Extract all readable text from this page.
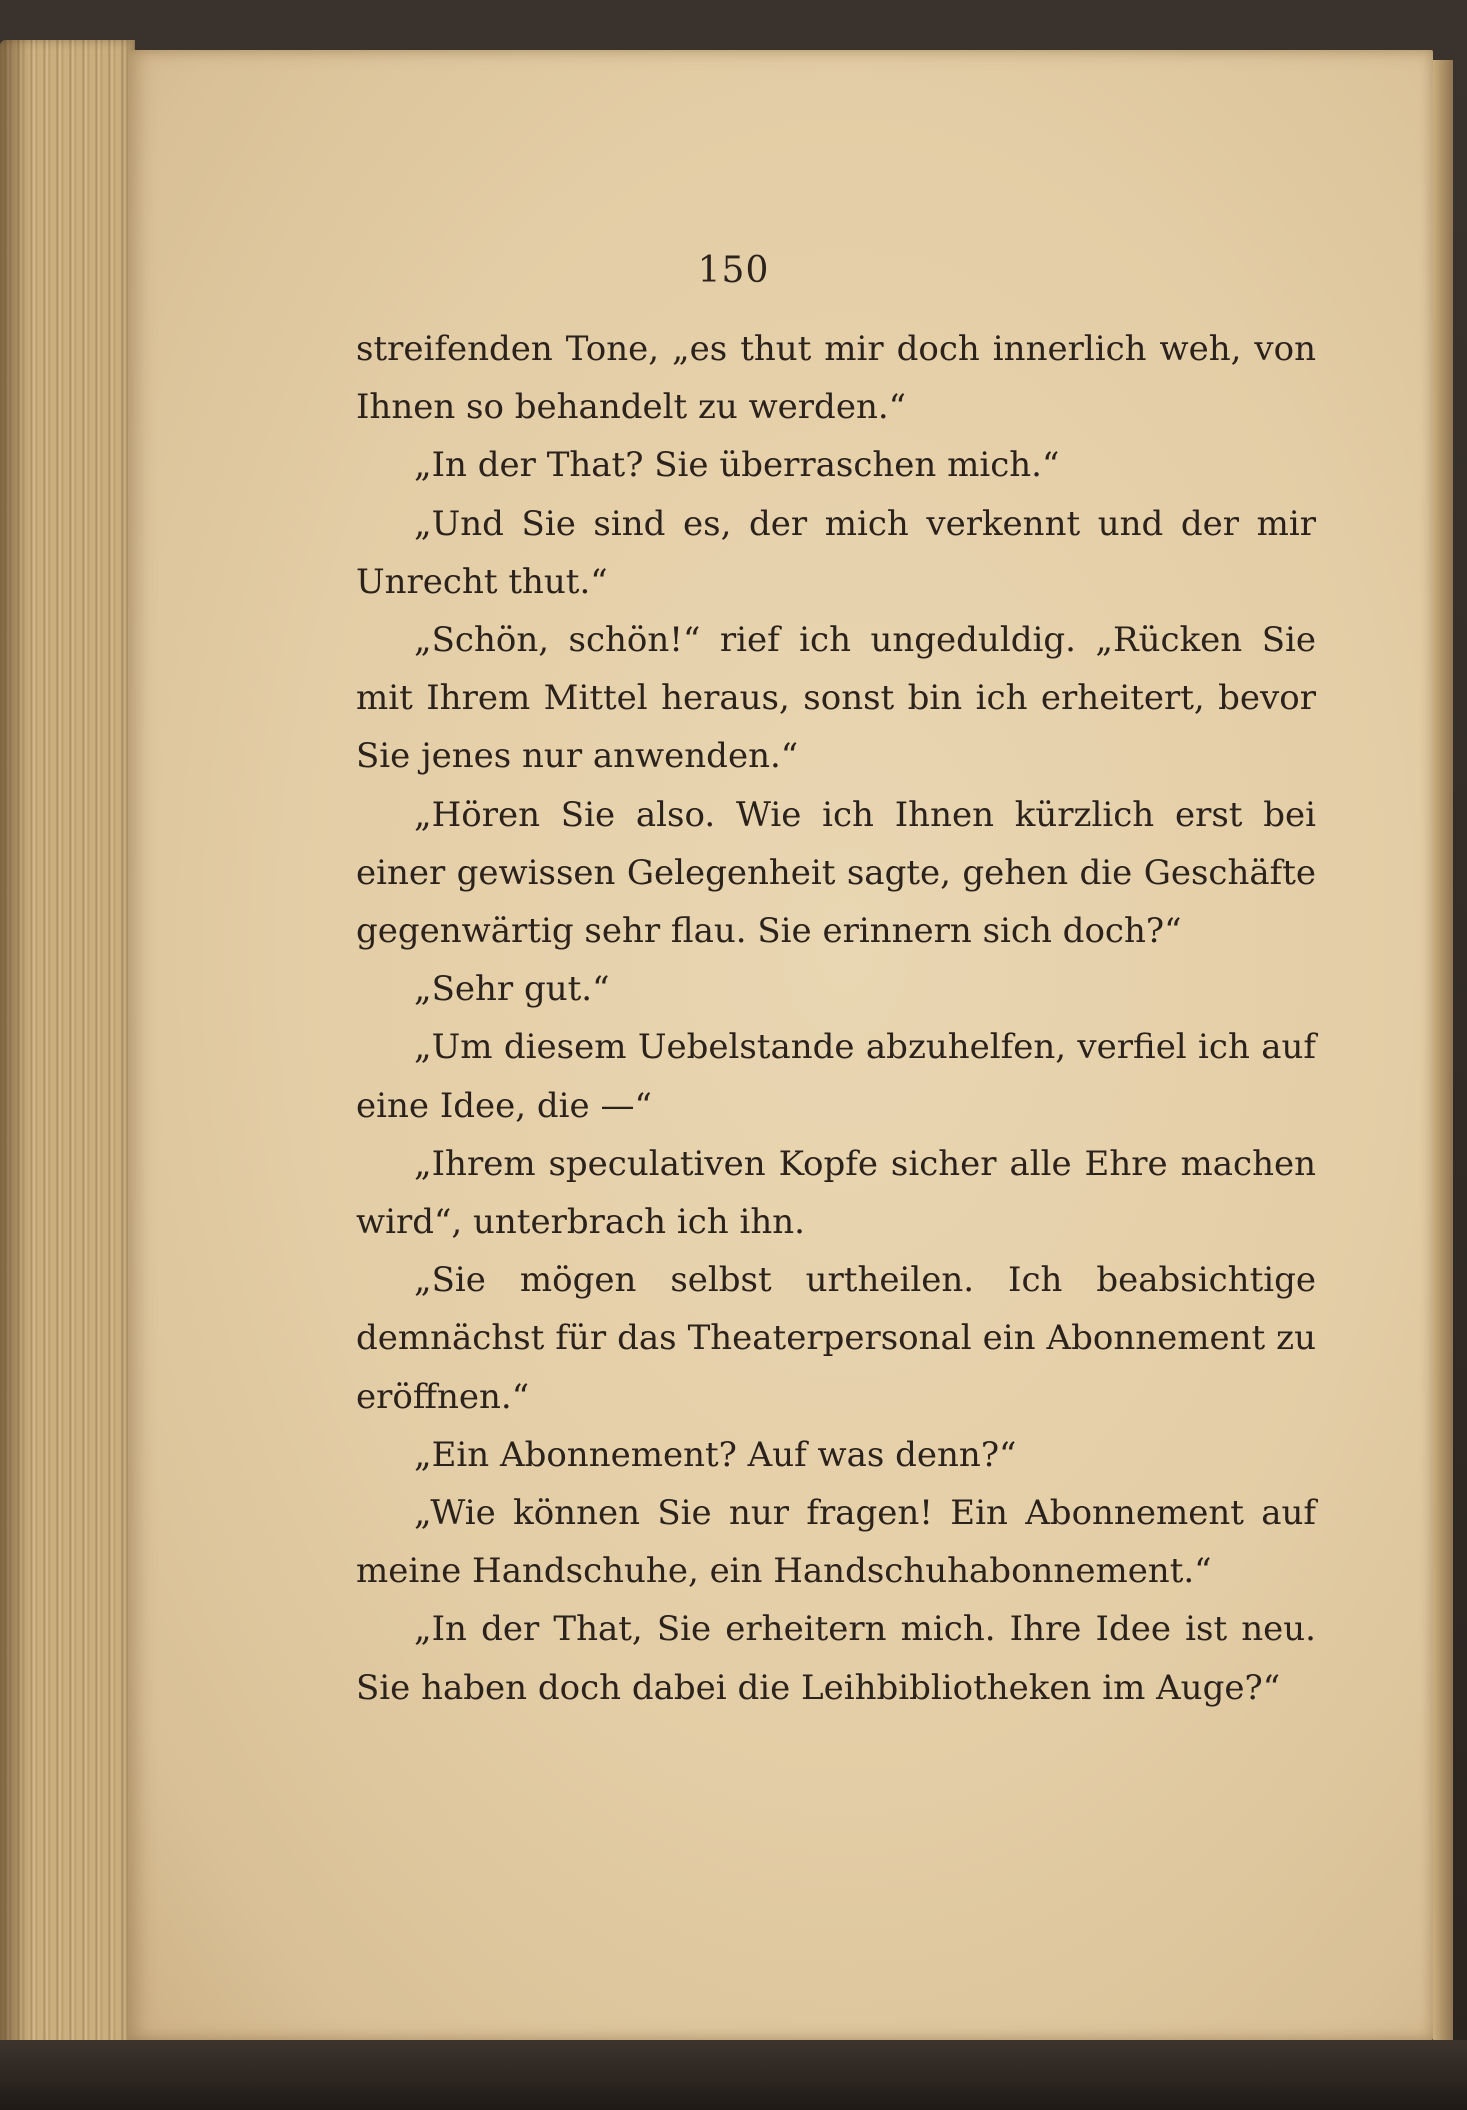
150

streifenden Tone, „es thut mir doch innerlich weh, von Ihnen so behandelt zu werden.“

„In der That? Sie überraschen mich.“

„Und Sie sind es, der mich verkennt und der mir Unrecht thut.“

„Schön, schön!“ rief ich ungeduldig. „Rücken Sie mit Ihrem Mittel heraus, sonst bin ich erheitert, bevor Sie jenes nur anwenden.“

„Hören Sie also. Wie ich Ihnen kürzlich erst bei einer gewissen Gelegenheit sagte, gehen die Geschäfte gegenwärtig sehr flau. Sie erinnern sich doch?“

„Sehr gut.“

„Um diesem Uebelstande abzuhelfen, verfiel ich auf eine Idee, die —“

„Ihrem speculativen Kopfe sicher alle Ehre machen wird“, unterbrach ich ihn.

„Sie mögen selbst urtheilen. Ich beabsichtige demnächst für das Theaterpersonal ein Abonnement zu eröffnen.“

„Ein Abonnement? Auf was denn?“

„Wie können Sie nur fragen! Ein Abonnement auf meine Handschuhe, ein Handschuhabonnement.“

„In der That, Sie erheitern mich. Ihre Idee ist neu. Sie haben doch dabei die Leihbibliotheken im Auge?“
